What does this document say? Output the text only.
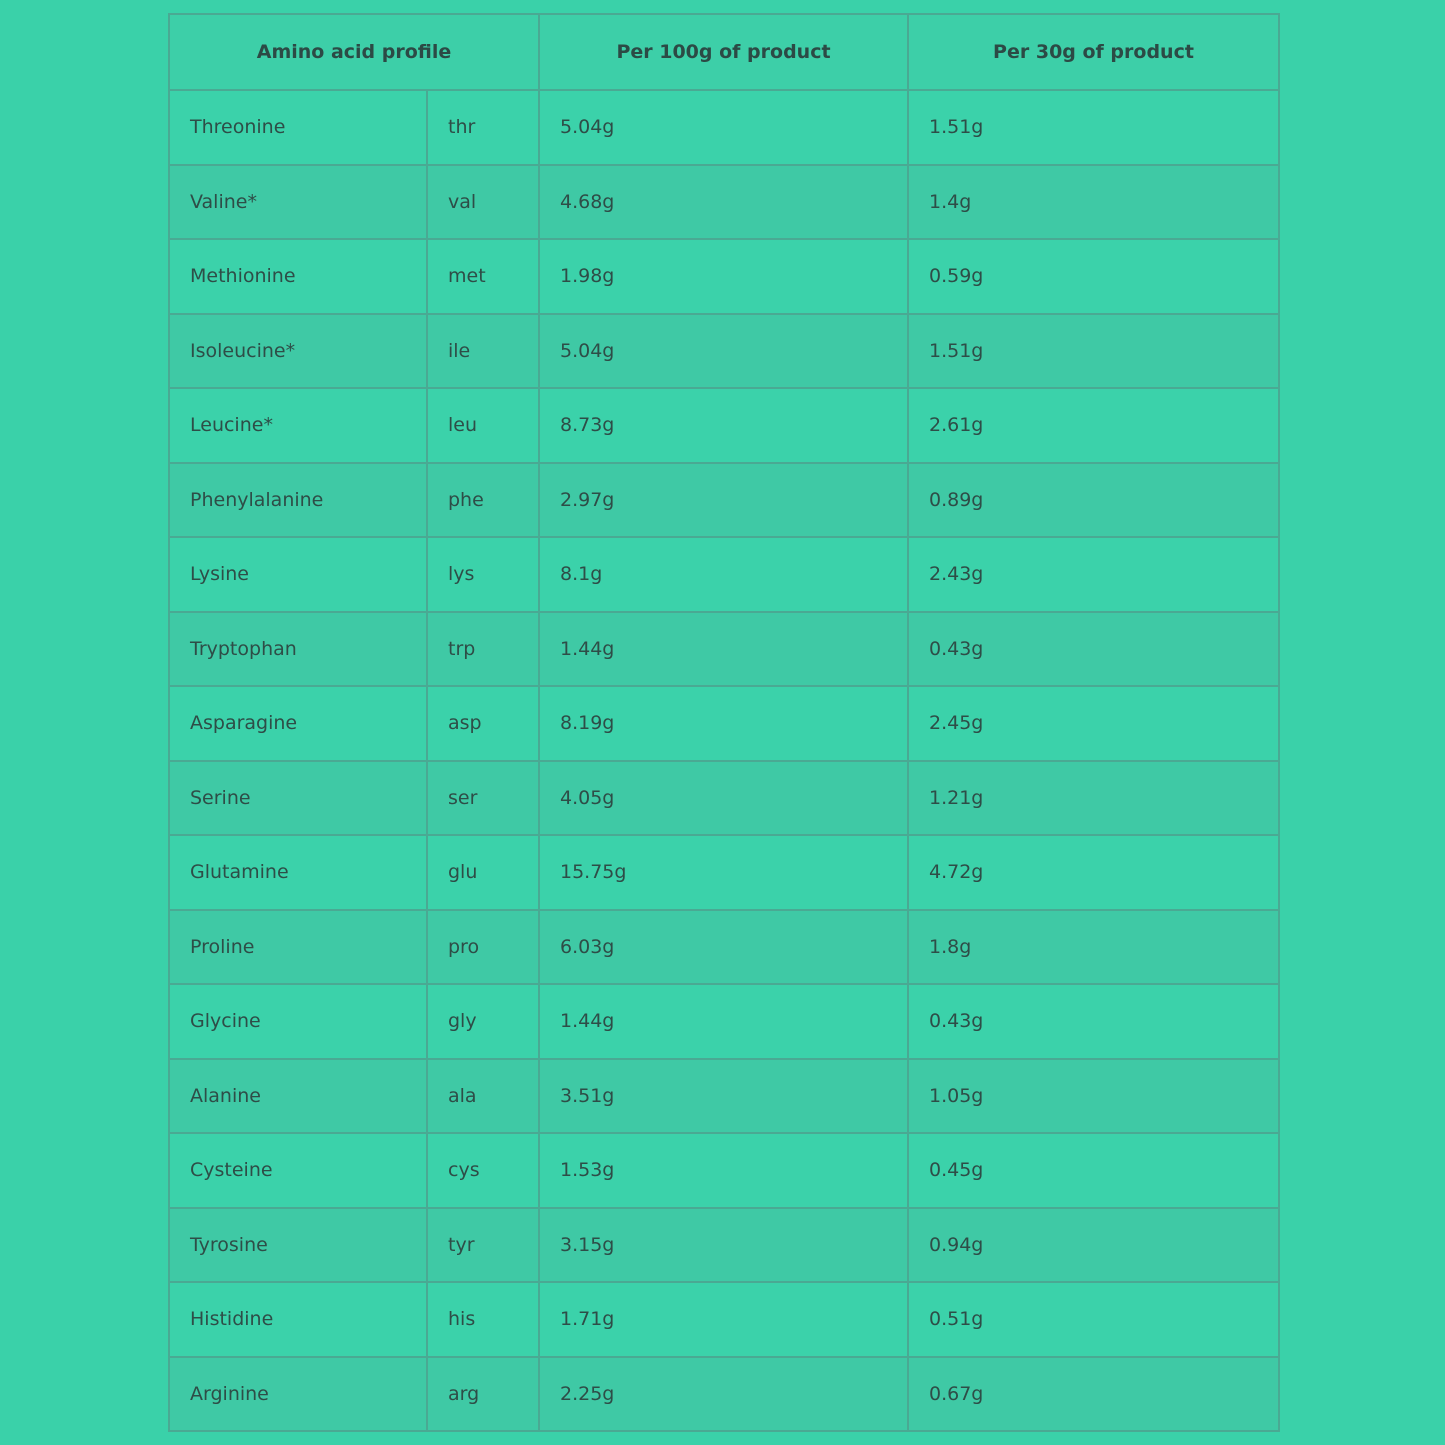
Amino acid profile		Per 100g of product	Per 30g of product
Threonine	thr	5.04g	1.51g
Valine*	val	4.68g	1.4g
Methionine	met	1.98g	0.59g
Isoleucine*	ile	5.04g	1.51g
Leucine*	leu	8.73g	2.61g
Phenylalanine	phe	2.97g	0.89g
Lysine	lys	8.1g	2.43g
Tryptophan	trp	1.44g	0.43g
Asparagine	asp	8.19g	2.45g
Serine	ser	4.05g	1.21g
Glutamine	glu	15.75g	4.72g
Proline	pro	6.03g	1.8g
Glycine	gly	1.44g	0.43g
Alanine	ala	3.51g	1.05g
Cysteine	cys	1.53g	0.45g
Tyrosine	tyr	3.15g	0.94g
Histidine	his	1.71g	0.51g
Arginine	arg	2.25g	0.67g
